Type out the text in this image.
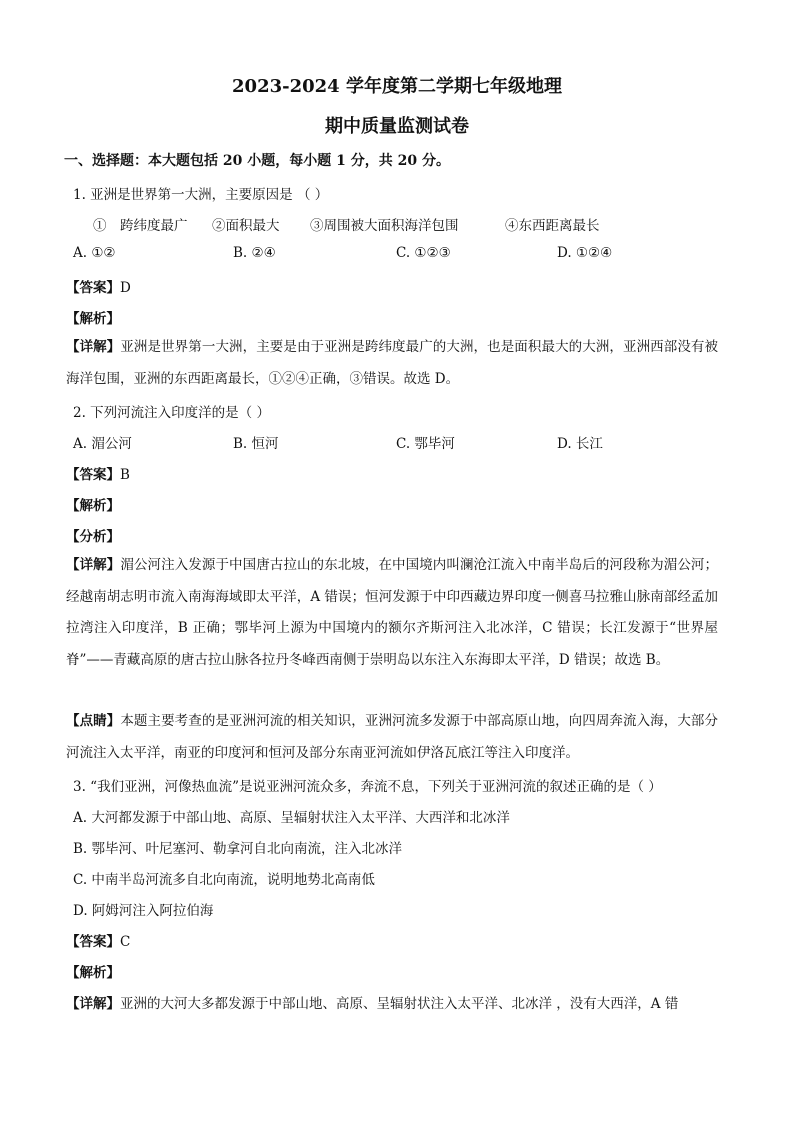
2023-2024 学年度第二学期七年级地理
期中质量监测试卷
一、选择题：本大题包括 20 小题，每小题 1 分，共 20 分。
1. 亚洲是世界第一大洲，主要原因是 （ ）
①　跨纬度最广 ②面积最大 ③周围被大面积海洋包围	④东西距离最长
A. ①②	B. ②④	C. ①②③	D. ①②④
【答案】D
【解析】
【详解】亚洲是世界第一大洲，主要是由于亚洲是跨纬度最广的大洲，也是面积最大的大洲，亚洲西部没有被海洋包围，亚洲的东西距离最长，①②④正确，③错误。故选 D。
2. 下列河流注入印度洋的是（ ）
A. 湄公河	B. 恒河	C. 鄂毕河	D. 长江
【答案】B
【解析】
【分析】
【详解】湄公河注入发源于中国唐古拉山的东北坡，在中国境内叫澜沧江流入中南半岛后的河段称为湄公河；经越南胡志明市流入南海海域即太平洋，A 错误；恒河发源于中印西藏边界印度一侧喜马拉雅山脉南部经孟加拉湾注入印度洋，B 正确；鄂毕河上源为中国境内的额尔齐斯河注入北冰洋，C 错误；长江发源于“世界屋脊”——青藏高原的唐古拉山脉各拉丹冬峰西南侧于崇明岛以东注入东海即太平洋，D 错误；故选 B。
【点睛】本题主要考查的是亚洲河流的相关知识，亚洲河流多发源于中部高原山地，向四周奔流入海，大部分河流注入太平洋，南亚的印度河和恒河及部分东南亚河流如伊洛瓦底江等注入印度洋。
3. “我们亚洲，河像热血流”是说亚洲河流众多，奔流不息，下列关于亚洲河流的叙述正确的是（ ）
A. 大河都发源于中部山地、高原、呈辐射状注入太平洋、大西洋和北冰洋
B. 鄂毕河、叶尼塞河、勒拿河自北向南流，注入北冰洋
C. 中南半岛河流多自北向南流，说明地势北高南低
D. 阿姆河注入阿拉伯海
【答案】C
【解析】
【详解】亚洲的大河大多都发源于中部山地、高原、呈辐射状注入太平洋、北冰洋 ，没有大西洋，A 错
